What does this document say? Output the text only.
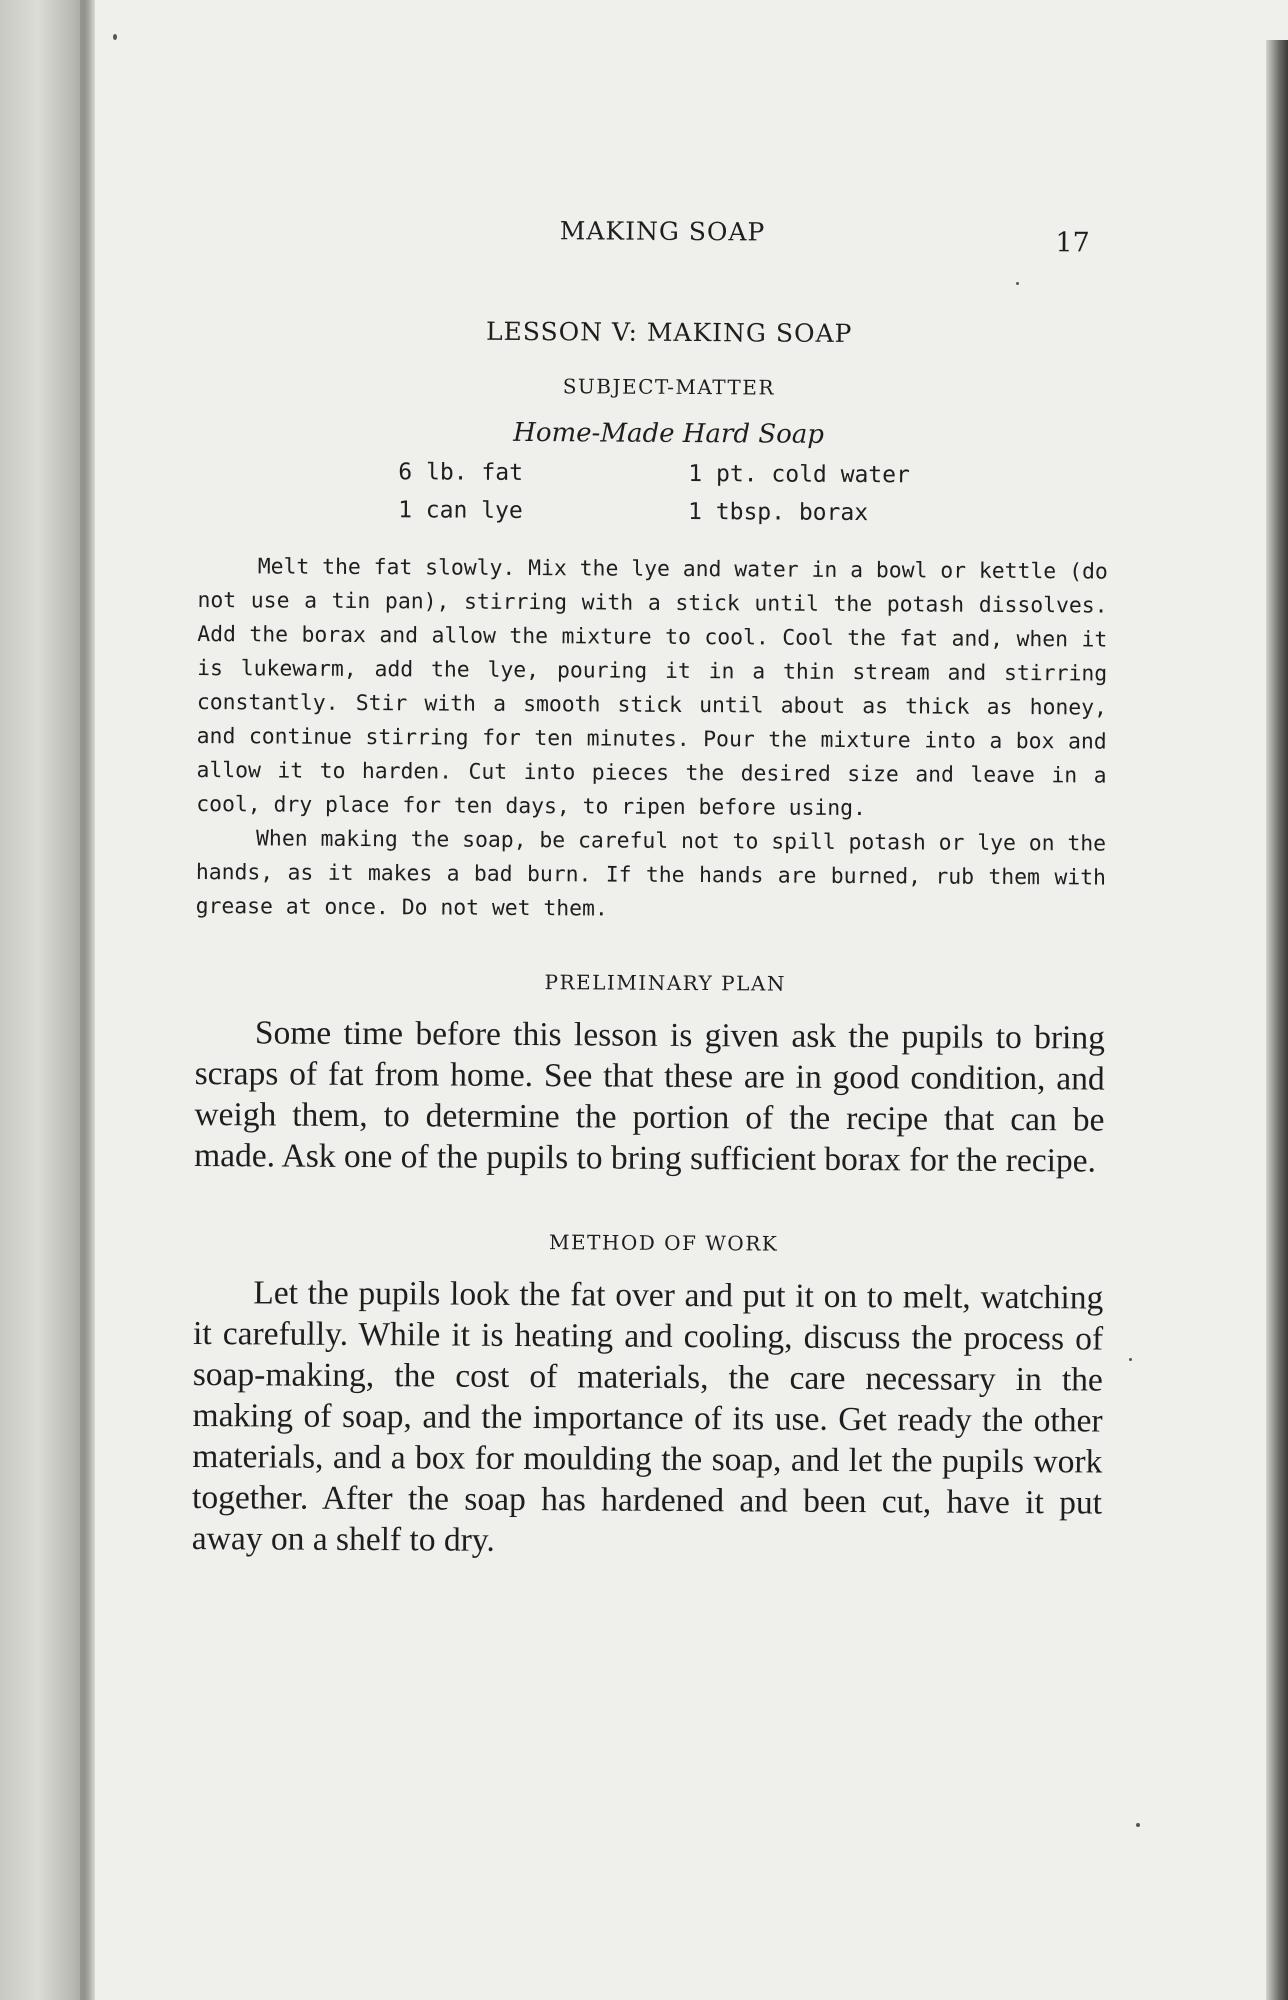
MAKING SOAP	17
LESSON V: MAKING SOAP
SUBJECT-MATTER
Home-Made Hard Soap
6 lb. fat	1 pt. cold water
1 can lye	1 tbsp. borax

Melt the fat slowly. Mix the lye and water in a bowl or kettle (do not use a tin pan), stirring with a stick until the potash dissolves. Add the borax and allow the mixture to cool. Cool the fat and, when it is lukewarm, add the lye, pouring it in a thin stream and stirring constantly. Stir with a smooth stick until about as thick as honey, and continue stirring for ten minutes. Pour the mixture into a box and allow it to harden. Cut into pieces the desired size and leave in a cool, dry place for ten days, to ripen before using.

When making the soap, be careful not to spill potash or lye on the hands, as it makes a bad burn. If the hands are burned, rub them with grease at once. Do not wet them.

PRELIMINARY PLAN

Some time before this lesson is given ask the pupils to bring scraps of fat from home. See that these are in good condition, and weigh them, to determine the portion of the recipe that can be made. Ask one of the pupils to bring sufficient borax for the recipe.

METHOD OF WORK

Let the pupils look the fat over and put it on to melt, watching it carefully. While it is heating and cooling, discuss the process of soap-making, the cost of materials, the care necessary in the making of soap, and the importance of its use. Get ready the other materials, and a box for moulding the soap, and let the pupils work together. After the soap has hardened and been cut, have it put away on a shelf to dry.
